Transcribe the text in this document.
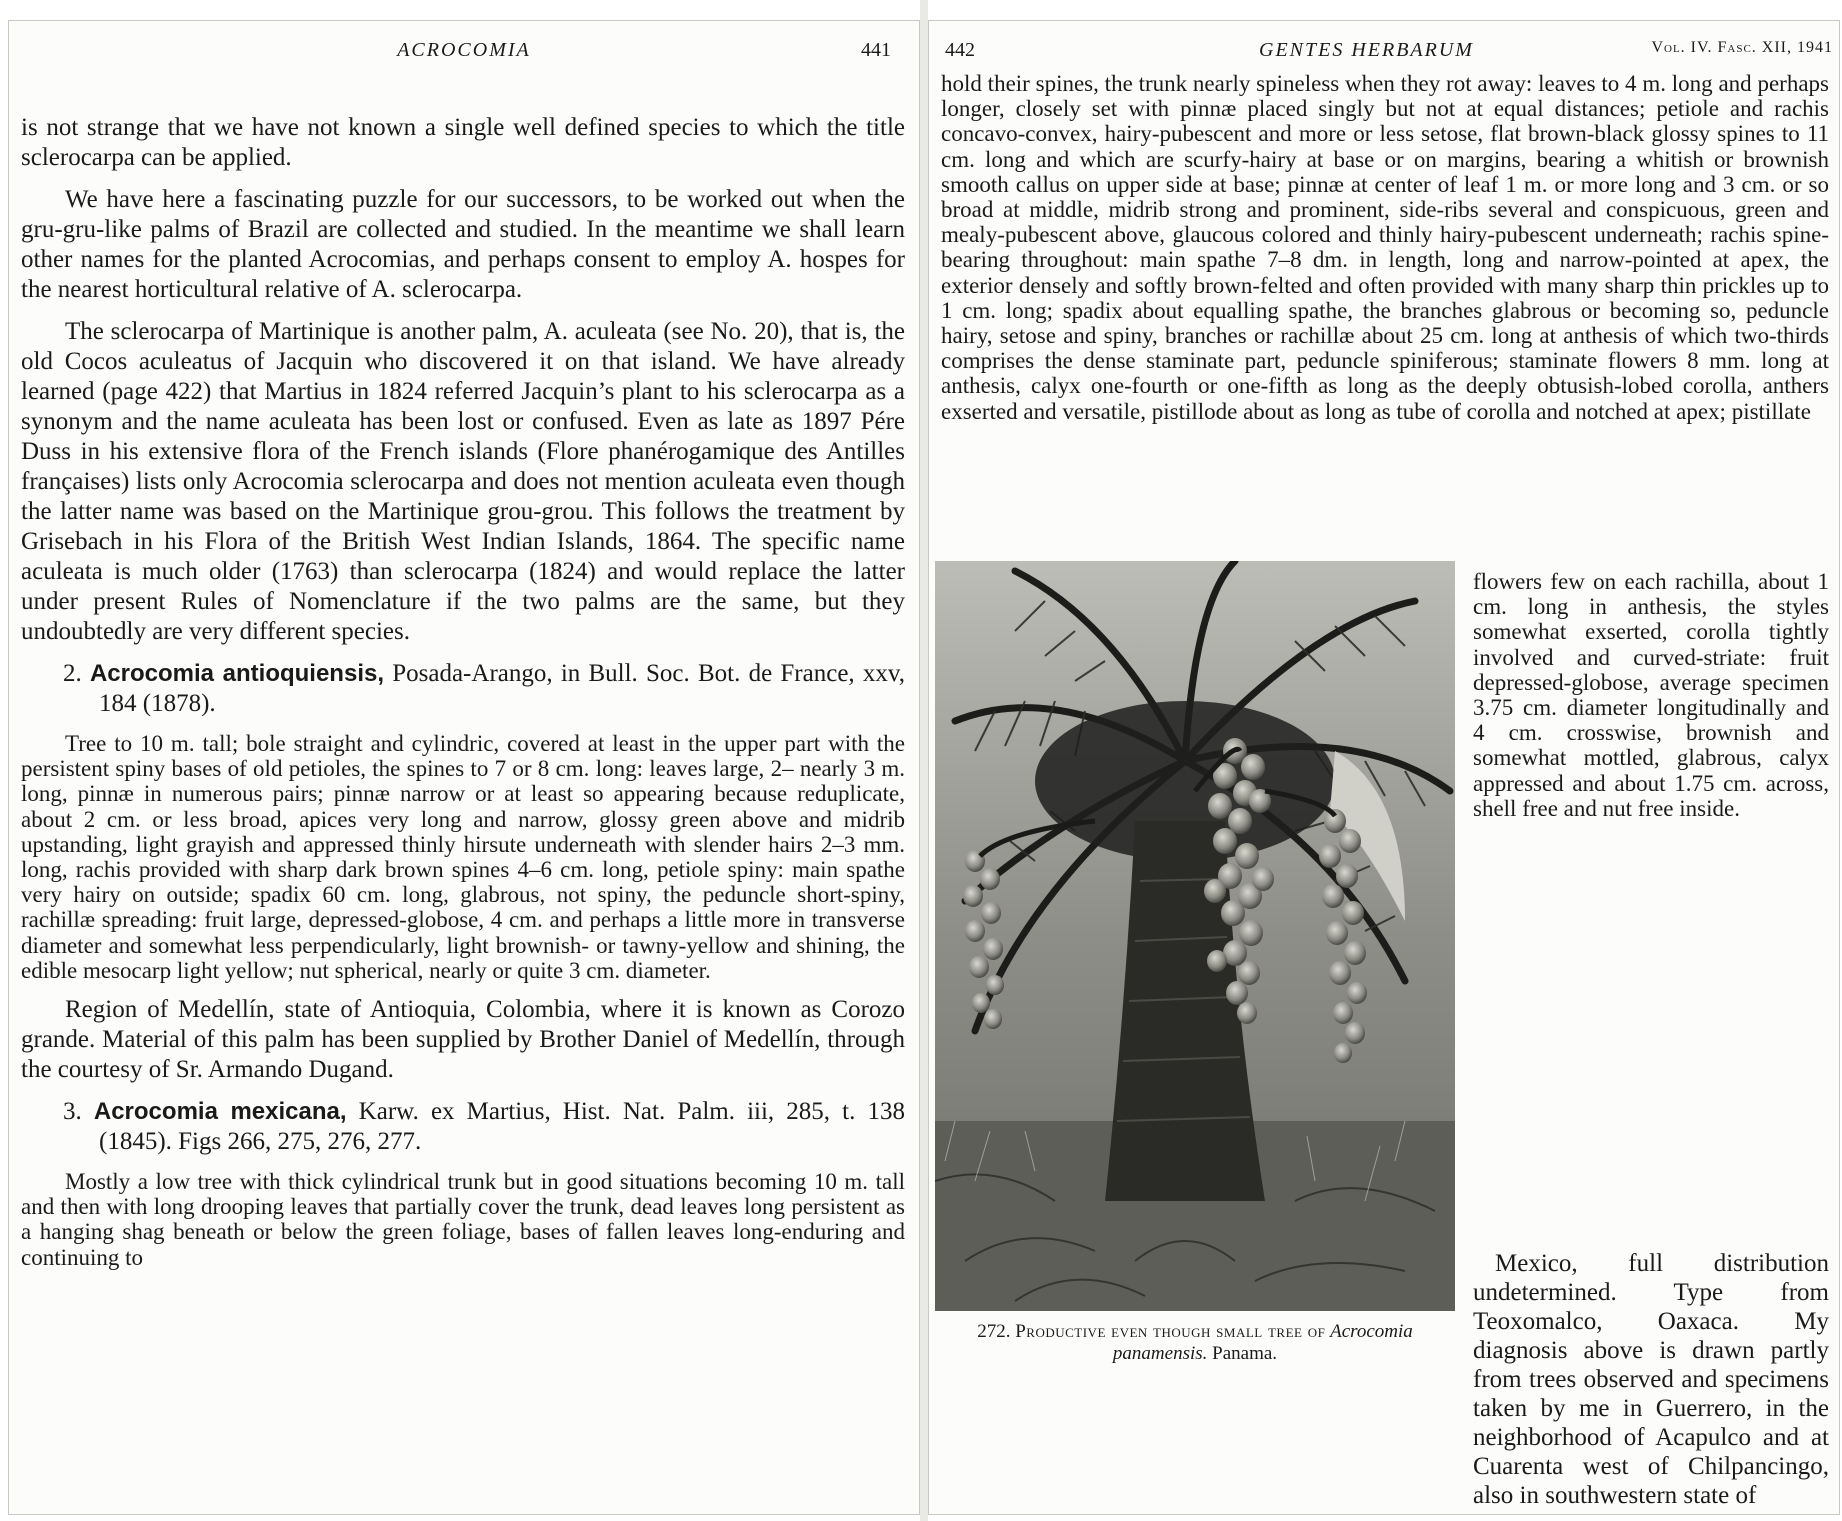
ACROCOMIA	441

is not strange that we have not known a single well defined species to which the title sclerocarpa can be applied.

We have here a fascinating puzzle for our successors, to be worked out when the gru-gru-like palms of Brazil are collected and studied. In the meantime we shall learn other names for the planted Acrocomias, and perhaps consent to employ A. hospes for the nearest horticultural relative of A. sclerocarpa.

The sclerocarpa of Martinique is another palm, A. aculeata (see No. 20), that is, the old Cocos aculeatus of Jacquin who discovered it on that island. We have already learned (page 422) that Martius in 1824 referred Jacquin’s plant to his sclerocarpa as a synonym and the name aculeata has been lost or confused. Even as late as 1897 Pére Duss in his extensive flora of the French islands (Flore phanérogamique des Antilles françaises) lists only Acrocomia sclerocarpa and does not mention aculeata even though the latter name was based on the Martinique grou-grou. This follows the treatment by Grisebach in his Flora of the British West Indian Islands, 1864. The specific name aculeata is much older (1763) than sclerocarpa (1824) and would replace the latter under present Rules of Nomenclature if the two palms are the same, but they undoubtedly are very different species.

2. Acrocomia antioquiensis, Posada-Arango, in Bull. Soc. Bot. de France, xxv, 184 (1878).

Tree to 10 m. tall; bole straight and cylindric, covered at least in the upper part with the persistent spiny bases of old petioles, the spines to 7 or 8 cm. long: leaves large, 2– nearly 3 m. long, pinnæ in numerous pairs; pinnæ narrow or at least so appearing because reduplicate, about 2 cm. or less broad, apices very long and narrow, glossy green above and midrib upstanding, light grayish and appressed thinly hirsute underneath with slender hairs 2–3 mm. long, rachis provided with sharp dark brown spines 4–6 cm. long, petiole spiny: main spathe very hairy on outside; spadix 60 cm. long, glabrous, not spiny, the peduncle short-spiny, rachillæ spreading: fruit large, depressed-globose, 4 cm. and perhaps a little more in transverse diameter and somewhat less perpendicularly, light brownish- or tawny-yellow and shining, the edible mesocarp light yellow; nut spherical, nearly or quite 3 cm. diameter.

Region of Medellín, state of Antioquia, Colombia, where it is known as Corozo grande. Material of this palm has been supplied by Brother Daniel of Medellín, through the courtesy of Sr. Armando Dugand.

3. Acrocomia mexicana, Karw. ex Martius, Hist. Nat. Palm. iii, 285, t. 138 (1845). Figs 266, 275, 276, 277.

Mostly a low tree with thick cylindrical trunk but in good situations becoming 10 m. tall and then with long drooping leaves that partially cover the trunk, dead leaves long persistent as a hanging shag beneath or below the green foliage, bases of fallen leaves long-enduring and continuing to

442	GENTES HERBARUM	Vol. IV. Fasc. XII, 1941

hold their spines, the trunk nearly spineless when they rot away: leaves to 4 m. long and perhaps longer, closely set with pinnæ placed singly but not at equal distances; petiole and rachis concavo-convex, hairy-pubescent and more or less setose, flat brown-black glossy spines to 11 cm. long and which are scurfy-hairy at base or on margins, bearing a whitish or brownish smooth callus on upper side at base; pinnæ at center of leaf 1 m. or more long and 3 cm. or so broad at middle, midrib strong and prominent, side-ribs several and conspicuous, green and mealy-pubescent above, glaucous colored and thinly hairy-pubescent underneath; rachis spine-bearing throughout: main spathe 7–8 dm. in length, long and narrow-pointed at apex, the exterior densely and softly brown-felted and often provided with many sharp thin prickles up to 1 cm. long; spadix about equalling spathe, the branches glabrous or becoming so, peduncle hairy, setose and spiny, branches or rachillæ about 25 cm. long at anthesis of which two-thirds comprises the dense staminate part, peduncle spiniferous; staminate flowers 8 mm. long at anthesis, calyx one-fourth or one-fifth as long as the deeply obtusish-lobed corolla, anthers exserted and versatile, pistillode about as long as tube of corolla and notched at apex; pistillate

272. Productive even though small tree of Acrocomia panamensis. Panama.

flowers few on each rachilla, about 1 cm. long in anthesis, the styles somewhat exserted, corolla tightly involved and curved-striate: fruit depressed-globose, average specimen 3.75 cm. diameter longitudinally and 4 cm. crosswise, brownish and somewhat mottled, glabrous, calyx appressed and about 1.75 cm. across, shell free and nut free inside.

Mexico, full distribution undetermined. Type from Teoxomalco, Oaxaca. My diagnosis above is drawn partly from trees observed and specimens taken by me in Guerrero, in the neighborhood of Acapulco and at Cuarenta west of Chilpancingo, also in southwestern state of
